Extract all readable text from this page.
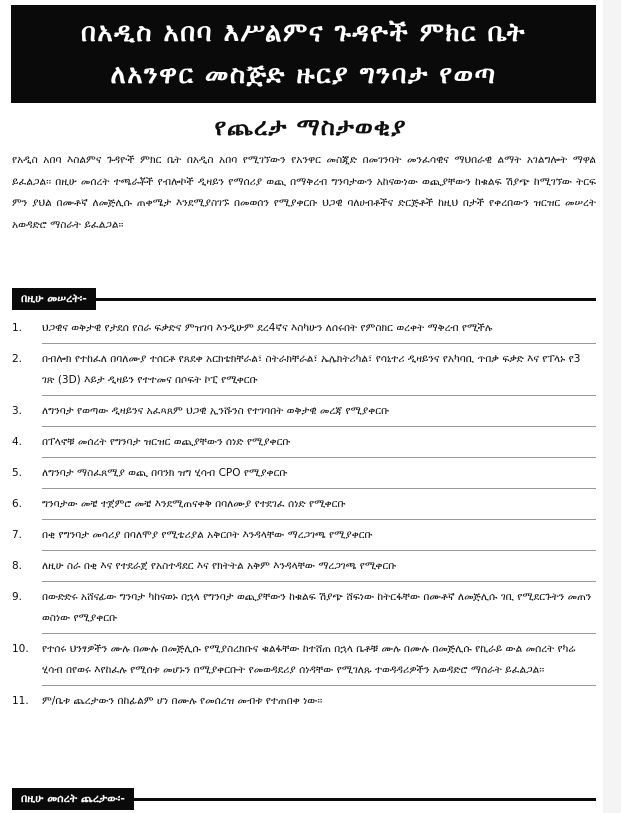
በአዲስ አበባ እሥልምና ጉዳዮች ምክር ቤት
ለአንዋር መስጅድ ዙርያ ግንባታ የወጣ
የጨረታ ማስታወቂያ

የአዲስ አበባ እስልምና ጉዳዮች ምክር ቤት በአዲስ አበባ የሚገኘውን የአንዋር መስጂድ በመገንባት መንፈሳዊና ማህበራዊ ልማት አገልግሎት ማዋል ይፈልጋል፡፡ በዚሁ መሰረት ተጫራቾች የብሎኮች ዲዛይን የማሰሪያ ወጪ በማቅረብ ግንባታውን አከናውነው ወጪያቸውን ከቁልፍ ሽያጭ ከሚገኘው ትርፍ ምን ያህል በሙቶኛ ለመጅሊሱ ጠቀሜታ እንደሚያስገኙ በመወሰን የሚያቀርቡ ህጋዊ ባለሀብቶችና ድርጅቶች ከዚህ በታች የቀረበውን ዝርዝር መሠረት አወዳድሮ ማስራት ይፈልጋል፡፡

በዚሁ መሠረት፡-
1.	ህጋዊና ወቅታዊ የታደሰ የስራ ፍቃድና ምዝገባ እንዲሁም ደረ4ኛና እስካሁን ለሰሩበት የምስክር ወረቀት ማቅረብ የሚችሉ
2.	በብሎክ የተከፈለ በባለሙያ ተሰርቶ የጸደቀ አርክቴክቸራል፣ ስትራክቸራል፣ ኤሌክትሪካል፣ የሳኒተሪ ዲዛይንና የአካባቢ ጥበቃ ፍቃድ እና የፐላኑ የ3 ገጽ (3D) እይታ ዲዛይን የተተመና በሶፍት ኮፒ የሚቀርቡ
3.	ለግንባታ የወጣው ዲዛይንና አፈጻጸም ህጋዊ ኢንሹንስ የተገባበት ወቅታዊ መረጃ የሚያቀርቡ
4.	በፐላኖቹ መሰረት የግንባታ ዝርዝር ወጪያቸውን ሰነድ የሚያቀርቡ
5.	ለግንባታ ማስፈጸሚያ ወጪ በባንክ ዝግ ሂሳብ CPO የሚያቀርቡ
6.	ግንባታው መቼ ተጀምሮ መቼ እንደሚጠናቀቅ በባለሙያ የተደገፈ ሰነድ የሚቀርቡ
7.	በቂ የግንባታ መሳሪያ በባለሞያ የሚቴሪያል አቅርቦት እንዳላቸው ማረጋገጫ የሚያቀርቡ
8.	ለዚሁ ስራ በቂ እና የተደራጀ የአስተዳደር እና የክትትል አቅም እንዳላቸው ማረጋገጫ የሚቀርቡ
9.	በውድድሩ አሸናፊው ግንባታ ካከናወኑ በኋላ የግንባታ ወጪያቸውን ከቁልፍ ሽያጭ ሸፍነው ከትርፋቸው በሙቶኛ ለመጅሊሱ ገቢ የሚደርጉትን መጠን ወስነው የሚያቀርቡ
10.	የተሰሩ ህንፃዎችን ሙሉ በሙሉ በመጅሊሱ የሚያስረክቡና ቁልፋቸው ከተሸጠ በኋላ ቤቶቹ ሙሉ በሙሉ በመጅሊሱ የኪራይ ውል መሰረት የካሬ ሂሳብ በየወሩ እየከፈሉ የሚሰቱ መሆኑን በሚያቀርቡት የመወዳደሪያ ሰነዳቸው የሚገለጹ ተወዳዳሪዎችን አወዳድሮ ማሰራት ይፈልጋል፡፡
11.	ም/ቤቱ ጨረታውን በከፊልም ሆነ በሙሉ የመሰረዝ መብቱ የተጠበቀ ነው፡፡
በዚሁ መሰረት ጨረታው፡-
